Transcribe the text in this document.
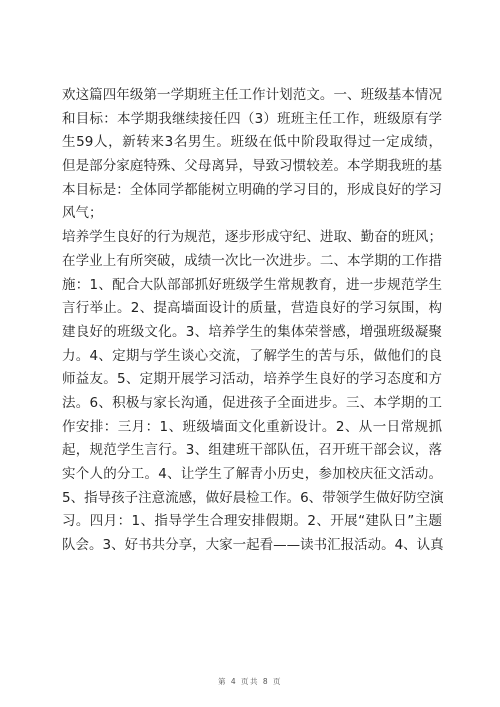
欢这篇四年级第一学期班主任工作计划范文。一、班级基本情况
和目标：本学期我继续接任四（3）班班主任工作，班级原有学
生59人，新转来3名男生。班级在低中阶段取得过一定成绩，
但是部分家庭特殊、父母离异，导致习惯较差。本学期我班的基
本目标是：全体同学都能树立明确的学习目的，形成良好的学习
风气；
培养学生良好的行为规范，逐步形成守纪、进取、勤奋的班风；
在学业上有所突破，成绩一次比一次进步。二、本学期的工作措
施：1、配合大队部部抓好班级学生常规教育，进一步规范学生
言行举止。2、提高墙面设计的质量，营造良好的学习氛围，构
建良好的班级文化。3、培养学生的集体荣誉感，增强班级凝聚
力。4、定期与学生谈心交流，了解学生的苦与乐，做他们的良
师益友。5、定期开展学习活动，培养学生良好的学习态度和方
法。6、积极与家长沟通，促进孩子全面进步。三、本学期的工
作安排：三月：1、班级墙面文化重新设计。2、从一日常规抓
起，规范学生言行。3、组建班干部队伍，召开班干部会议，落
实个人的分工。4、让学生了解青小历史，参加校庆征文活动。
5、指导孩子注意流感，做好晨检工作。6、带领学生做好防空演
习。四月：1、指导学生合理安排假期。2、开展“建队日”主题
队会。3、好书共分享，大家一起看——读书汇报活动。4、认真
第 4 页共 8 页
